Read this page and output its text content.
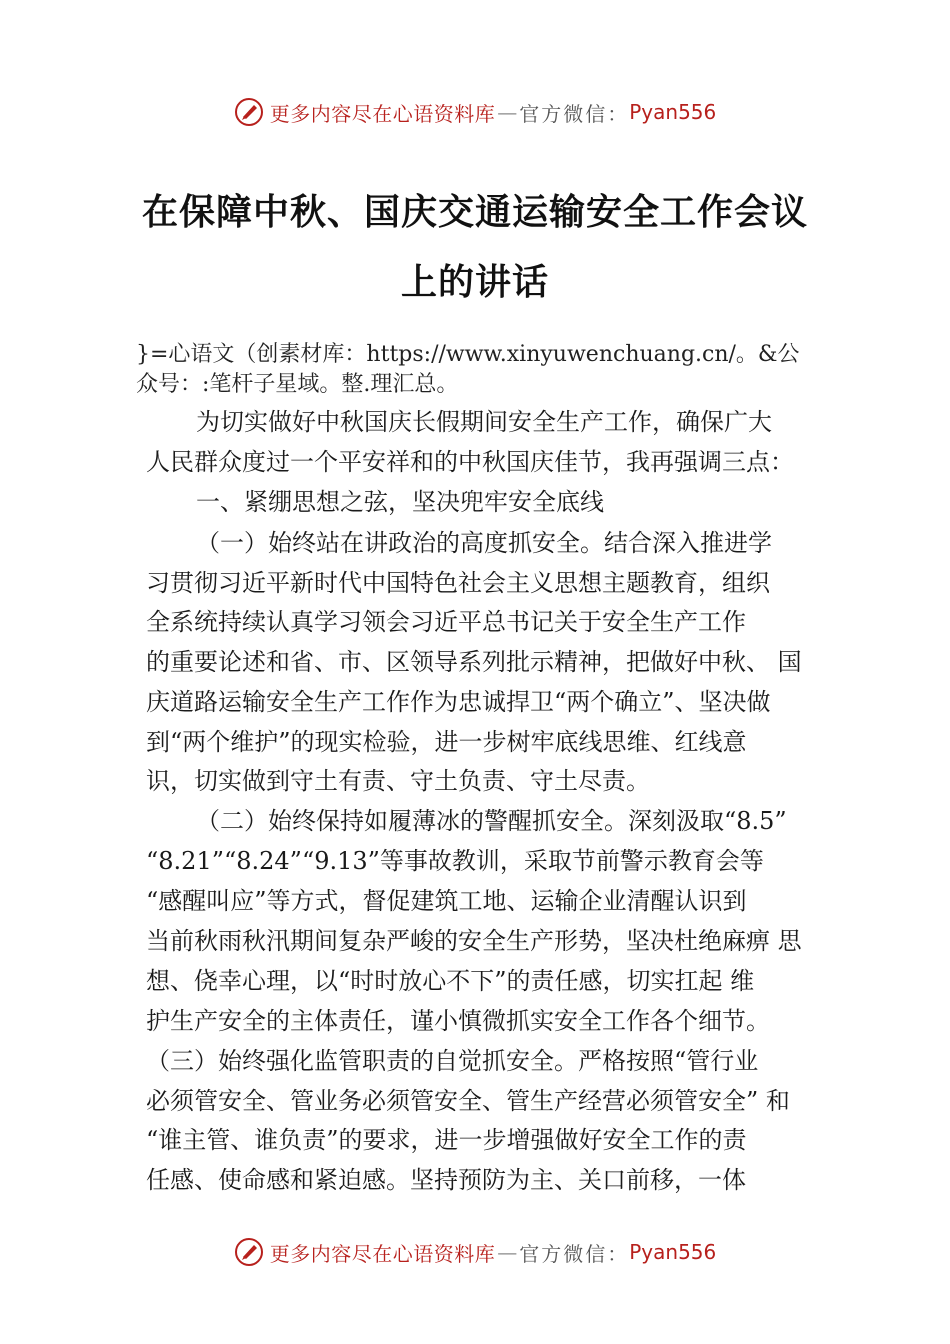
更多内容尽在心语资料库 — 官方微信： Pyan556
在保障中秋、国庆交通运输安全工作会议
上的讲话
}=心语文（创素材库：https://www.xinyuwenchuang.cn/。&公
众号：:笔杆子星域。整.理汇总。
为切实做好中秋国庆长假期间安全生产工作，确保广大
人民群众度过一个平安祥和的中秋国庆佳节，我再强调三点：
一、紧绷思想之弦，坚决兜牢安全底线
（一）始终站在讲政治的高度抓安全。结合深入推进学
习贯彻习近平新时代中国特色社会主义思想主题教育，组织
全系统持续认真学习领会习近平总书记关于安全生产工作
的重要论述和省、市、区领导系列批示精神，把做好中秋、 国
庆道路运输安全生产工作作为忠诚捍卫“两个确立”、坚决做
到“两个维护”的现实检验，进一步树牢底线思维、红线意
识，切实做到守土有责、守土负责、守土尽责。
（二）始终保持如履薄冰的警醒抓安全。深刻汲取“8.5”
“8.21”“8.24”“9.13”等事故教训，采取节前警示教育会等
“感醒叫应”等方式，督促建筑工地、运输企业清醒认识到
当前秋雨秋汛期间复杂严峻的安全生产形势，坚决杜绝麻痹 思
想、侥幸心理，以“时时放心不下”的责任感，切实扛起 维
护生产安全的主体责任，谨小慎微抓实安全工作各个细节。
（三）始终强化监管职责的自觉抓安全。严格按照“管行业
必须管安全、管业务必须管安全、管生产经营必须管安全” 和
“谁主管、谁负责”的要求，进一步增强做好安全工作的责
任感、使命感和紧迫感。坚持预防为主、关口前移，一体
更多内容尽在心语资料库 — 官方微信： Pyan556
